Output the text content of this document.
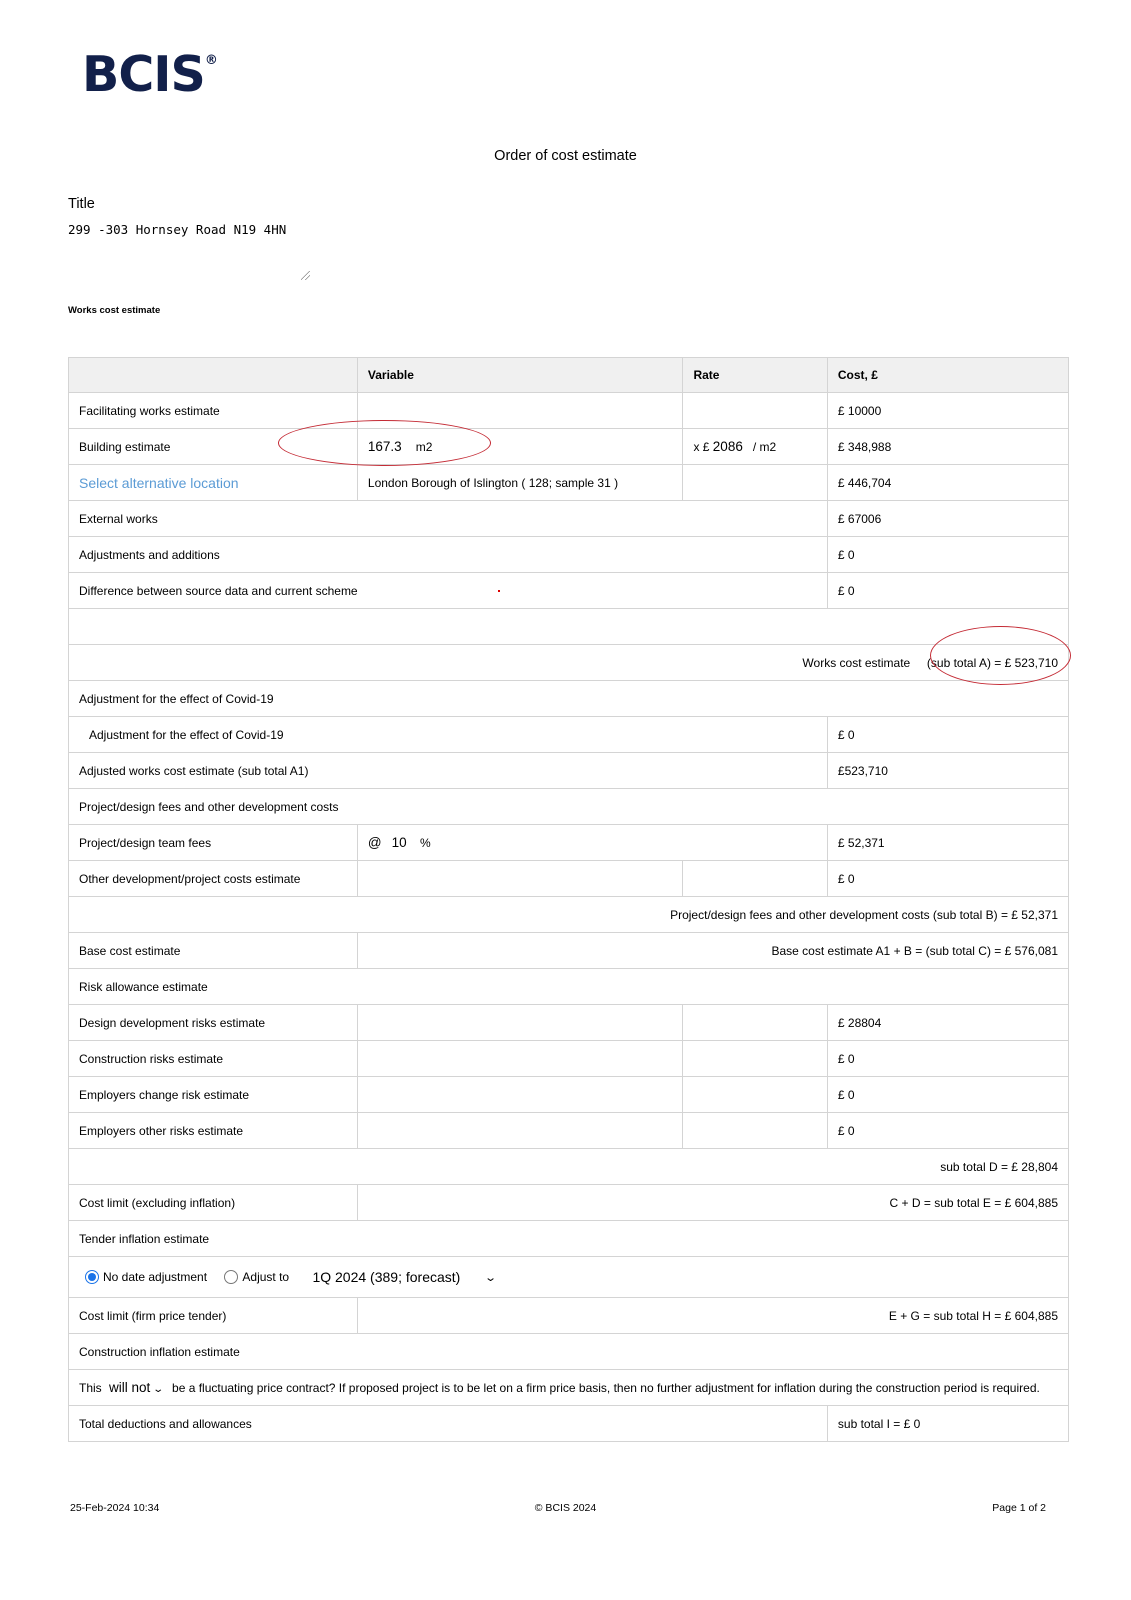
BCIS®
Order of cost estimate
Title
299 -303 Hornsey Road N19 4HN
Works cost estimate
	Variable	Rate	Cost, £
Facilitating works estimate			£ 10000
Building estimate	167.3 m2	x £ 2086 / m2	£ 348,988
Select alternative location	London Borough of Islington ( 128; sample 31 )		£ 446,704
External works			£ 67006
Adjustments and additions			£ 0
Difference between source data and current scheme			£ 0

Works cost estimate (sub total A) = £ 523,710			
Adjustment for the effect of Covid-19			
Adjustment for the effect of Covid-19			£ 0
Adjusted works cost estimate (sub total A1)			£523,710
Project/design fees and other development costs			
Project/design team fees	@ 10 %		£ 52,371
Other development/project costs estimate			£ 0
Project/design fees and other development costs (sub total B) = £ 52,371			
Base cost estimate	Base cost estimate A1 + B = (sub total C) = £ 576,081		
Risk allowance estimate			
Design development risks estimate			£ 28804
Construction risks estimate			£ 0
Employers change risk estimate			£ 0
Employers other risks estimate			£ 0
sub total D = £ 28,804			
Cost limit (excluding inflation)	C + D = sub total E = £ 604,885		
Tender inflation estimate			
No date adjustment Adjust to 1Q 2024 (389; forecast) ⌄			
Cost limit (firm price tender)	E + G = sub total H = £ 604,885		
Construction inflation estimate			
This will not ⌄ be a fluctuating price contract? If proposed project is to be let on a firm price basis, then no further adjustment for inflation during the construction period is required.			
Total deductions and allowances			sub total I = £ 0
25-Feb-2024 10:34	© BCIS 2024	Page 1 of 2
